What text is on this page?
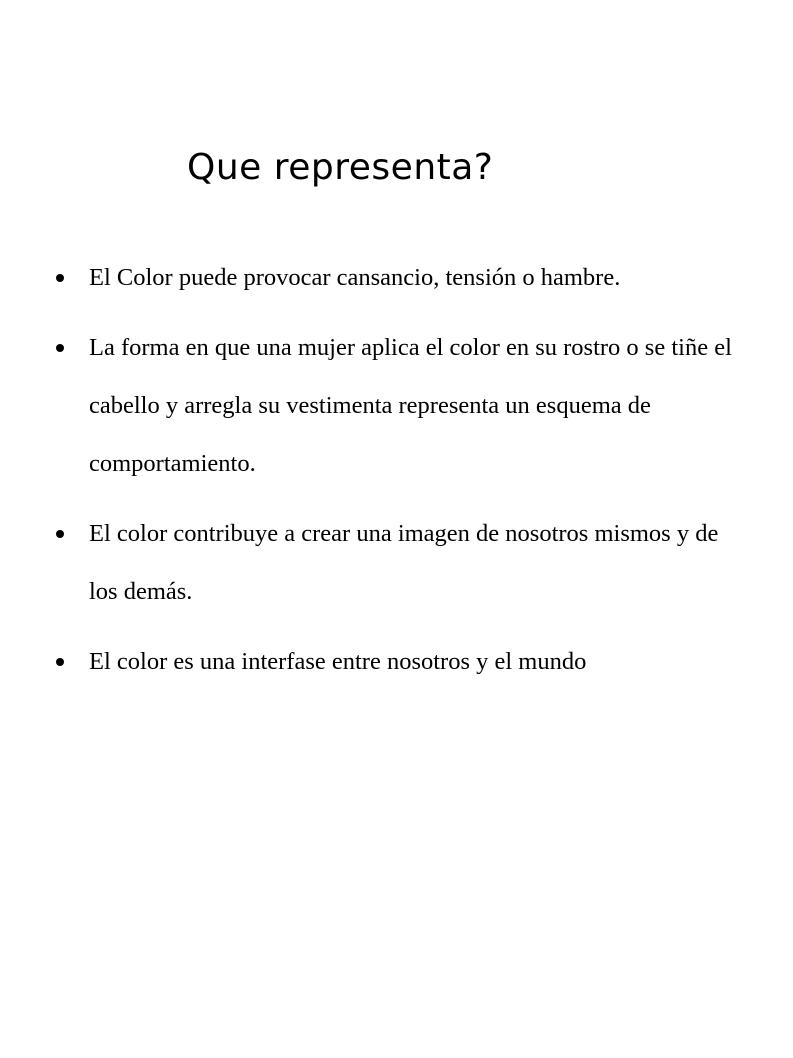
Que representa?
El Color puede provocar cansancio, tensión o hambre.
La forma en que una mujer aplica el color en su rostro o se tiñe el cabello y arregla su vestimenta representa un esquema de comportamiento.
El color contribuye a crear una imagen de nosotros mismos y de los demás.
El color es una interfase entre nosotros y el mundo
